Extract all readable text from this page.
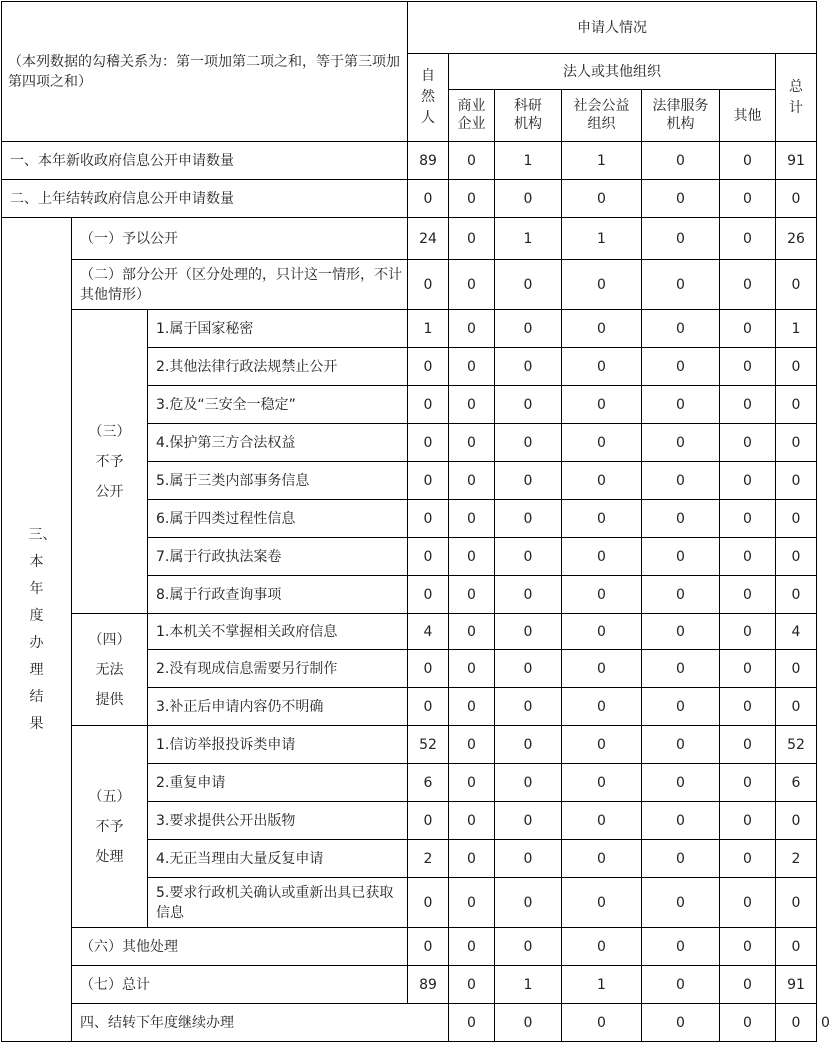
（本列数据的勾稽关系为：第一项加第二项之和，等于第三项加第四项之和）			申请人情况							
			自然人	法人或其他组织					总计	
				商业企业	科研机构	社会公益组织	法律服务机构	其他		
一、本年新收政府信息公开申请数量			89	0	1	1	0	0	91	
二、上年结转政府信息公开申请数量			0	0	0	0	0	0	0	
三、本年度办理结果	（一）予以公开		24	0	1	1	0	0	26	
	（二）部分公开（区分处理的，只计这一情形，不计其他情形）		0	0	0	0	0	0	0	

	（三）
不予
公开	1.属于国家秘密	1	0	0	0	0	0	1	
		2.其他法律行政法规禁止公开	0	0	0	0	0	0	0	
		3.危及“三安全一稳定”	0	0	0	0	0	0	0	
		4.保护第三方合法权益	0	0	0	0	0	0	0	
		5.属于三类内部事务信息	0	0	0	0	0	0	0	
		6.属于四类过程性信息	0	0	0	0	0	0	0	
		7.属于行政执法案卷	0	0	0	0	0	0	0	
		8.属于行政查询事项	0	0	0	0	0	0	0	

	（四）
无法
提供	1.本机关不掌握相关政府信息	4	0	0	0	0	0	4	
		2.没有现成信息需要另行制作	0	0	0	0	0	0	0	
		3.补正后申请内容仍不明确	0	0	0	0	0	0	0	

	（五）
不予
处理	1.信访举报投诉类申请	52	0	0	0	0	0	52	
		2.重复申请	6	0	0	0	0	0	6	
		3.要求提供公开出版物	0	0	0	0	0	0	0	
		4.无正当理由大量反复申请	2	0	0	0	0	0	2	
		5.要求行政机关确认或重新出具已获取信息	0	0	0	0	0	0	0	
	（六）其他处理		0	0	0	0	0	0	0	
	（七）总计		89	0	1	1	0	0	91	
	四、结转下年度继续办理			0	0	0	0	0	0	0
